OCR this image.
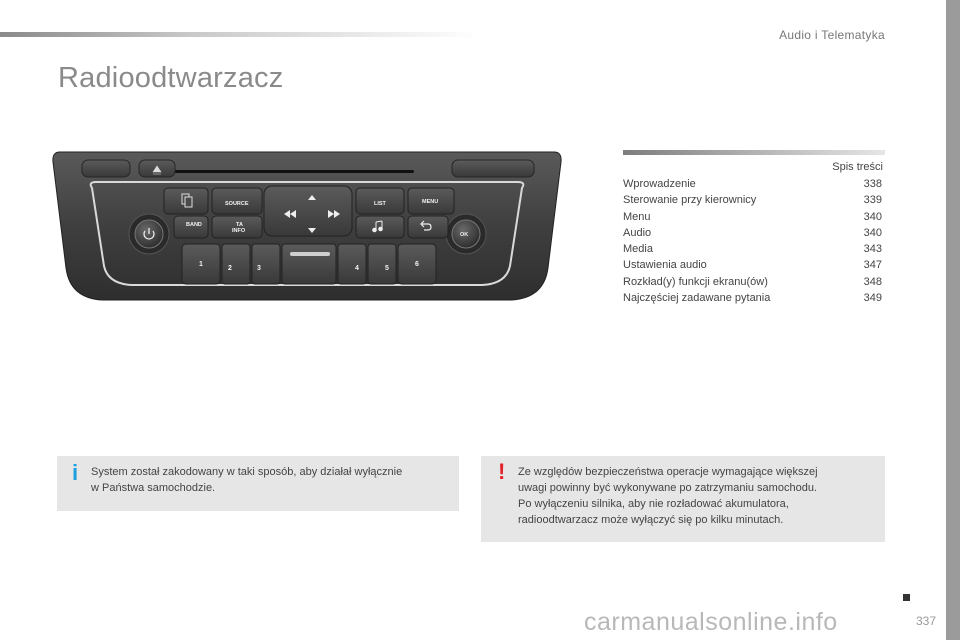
Audio i Telematyka
Radioodtwarzacz
SOURCE
BAND	TA
INFO
LIST	MENU
OK
1
2	3	4	5
6
Spis treści
Wprowadzenie	338
Sterowanie przy kierownicy	339
Menu	340
Audio	340
Media	343
Ustawienia audio	347
Rozkład(y) funkcji ekranu(ów)	348
Najczęściej zadawane pytania	349
i System został zakodowany w taki sposób, aby działał wyłącznie
w Państwa samochodzie.
! Ze względów bezpieczeństwa operacje wymagające większej
uwagi powinny być wykonywane po zatrzymaniu samochodu.
Po wyłączeniu silnika, aby nie rozładować akumulatora,
radioodtwarzacz może wyłączyć się po kilku minutach.
carmanualsonline.info	337
